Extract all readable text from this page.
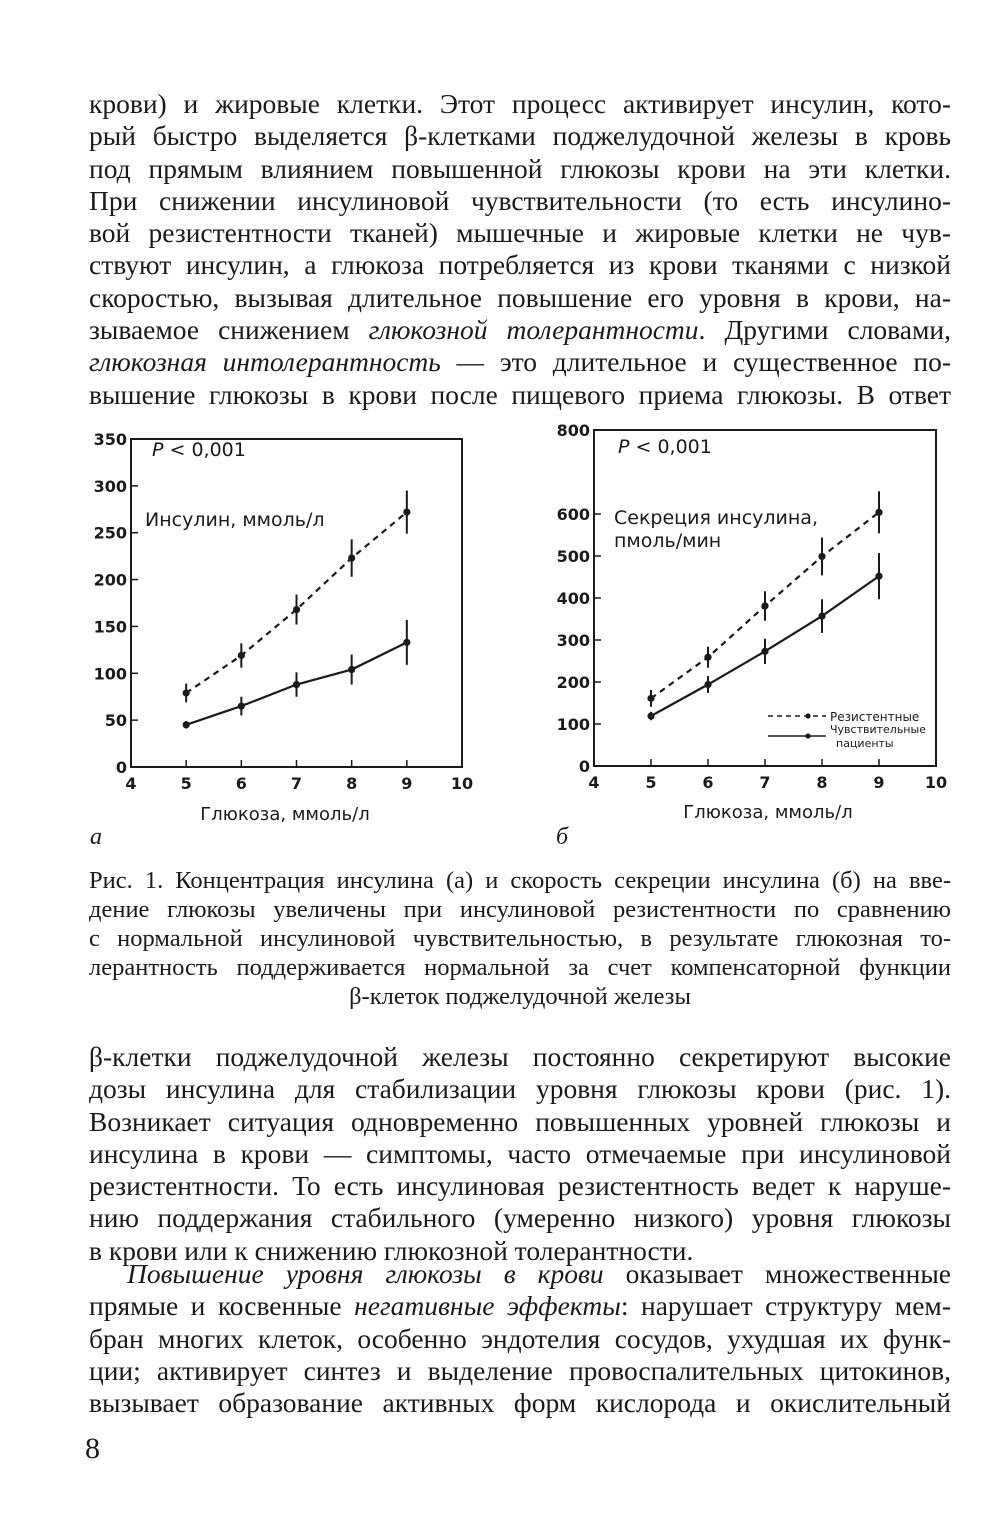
крови) и жировые клетки. Этот процесс активирует инсулин, кото-
рый быстро выделяется β-клетками поджелудочной железы в кровь
под прямым влиянием повышенной глюкозы крови на эти клетки.
При снижении инсулиновой чувствительности (то есть инсулино-
вой резистентности тканей) мышечные и жировые клетки не чув-
ствуют инсулин, а глюкоза потребляется из крови тканями с низкой
скоростью, вызывая длительное повышение его уровня в крови, на-
зываемое снижением глюкозной толерантности. Другими словами,
глюкозная интолерантность — это длительное и существенное по-
вышение глюкозы в крови после пищевого приема глюкозы. В ответ
0
50
100
150
200
250
300
350
4	5	6	7	8	9 10
P < 0,001
Инсулин, ммоль/л
Глюкоза, ммоль/л
а
0
100
200
300
400
500
600
800
4	5	6	7	8	9	10
P < 0,001
Секреция инсулина,
пмоль/мин
Глюкоза, ммоль/л
б
Резистентные
Чувствительные
пациенты
Рис. 1. Концентрация инсулина (а) и скорость секреции инсулина (б) на вве-
дение глюкозы увеличены при инсулиновой резистентности по сравнению
с нормальной инсулиновой чувствительностью, в результате глюкозная то-
лерантность поддерживается нормальной за счет компенсаторной функции
β-клеток поджелудочной железы
β-клетки поджелудочной железы постоянно секретируют высокие
дозы инсулина для стабилизации уровня глюкозы крови (рис. 1).
Возникает ситуация одновременно повышенных уровней глюкозы и
инсулина в крови — симптомы, часто отмечаемые при инсулиновой
резистентности. То есть инсулиновая резистентность ведет к наруше-
нию поддержания стабильного (умеренно низкого) уровня глюкозы
в крови или к снижению глюкозной толерантности.
Повышение уровня глюкозы в крови оказывает множественные
прямые и косвенные негативные эффекты: нарушает структуру мем-
бран многих клеток, особенно эндотелия сосудов, ухудшая их функ-
ции; активирует синтез и выделение провоспалительных цитокинов,
вызывает образование активных форм кислорода и окислительный
8
